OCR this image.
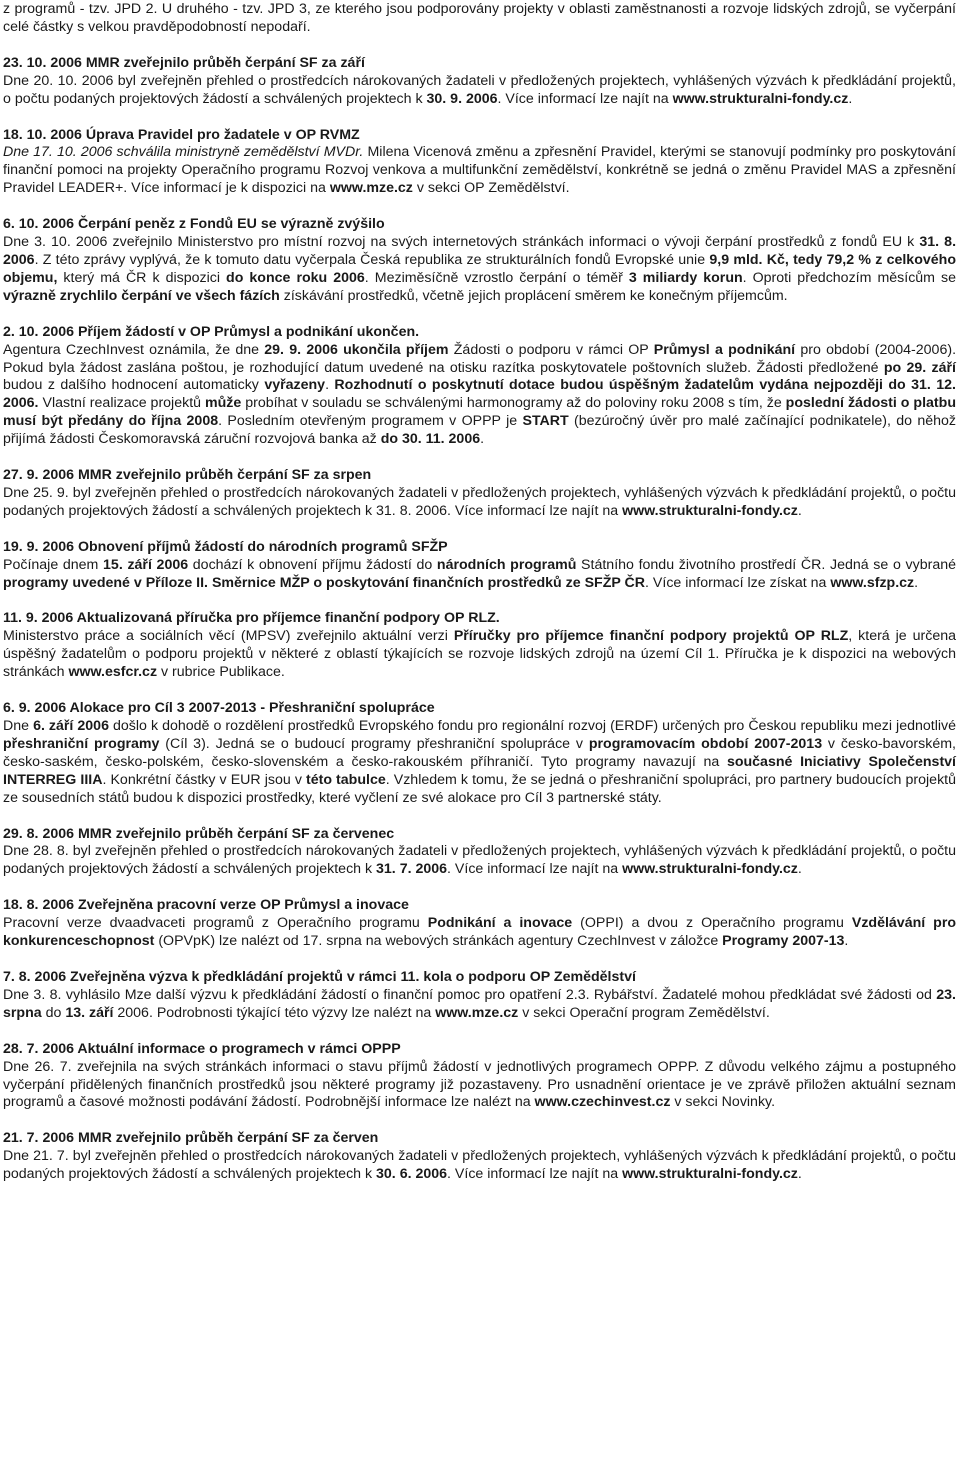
z programů - tzv. JPD 2. U druhého - tzv. JPD 3, ze kterého jsou podporovány projekty v oblasti zaměstnanosti a rozvoje lidských zdrojů, se vyčerpání celé částky s velkou pravděpodobností nepodaří.

23. 10. 2006 MMR zveřejnilo průběh čerpání SF za září

Dne 20. 10. 2006 byl zveřejněn přehled o prostředcích nárokovaných žadateli v předložených projektech, vyhlášených výzvách k předkládání projektů, o počtu podaných projektových žádostí a schválených projektech k 30. 9. 2006. Více informací lze najít na www.strukturalni-fondy.cz.

18. 10. 2006 Úprava Pravidel pro žadatele v OP RVMZ

Dne 17. 10. 2006 schválila ministryně zemědělství MVDr. Milena Vicenová změnu a zpřesnění Pravidel, kterými se stanovují podmínky pro poskytování finanční pomoci na projekty Operačního programu Rozvoj venkova a multifunkční zemědělství, konkrétně se jedná o změnu Pravidel MAS a zpřesnění Pravidel LEADER+. Více informací je k dispozici na www.mze.cz v sekci OP Zemědělství.

6. 10. 2006 Čerpání peněz z Fondů EU se výrazně zvýšilo

Dne 3. 10. 2006 zveřejnilo Ministerstvo pro místní rozvoj na svých internetových stránkách informaci o vývoji čerpání prostředků z fondů EU k 31. 8. 2006. Z této zprávy vyplývá, že k tomuto datu vyčerpala Česká republika ze strukturálních fondů Evropské unie 9,9 mld. Kč, tedy 79,2 % z celkového objemu, který má ČR k dispozici do konce roku 2006. Meziměsíčně vzrostlo čerpání o téměř 3 miliardy korun. Oproti předchozím měsícům se výrazně zrychlilo čerpání ve všech fázích získávání prostředků, včetně jejich proplácení směrem ke konečným příjemcům.

2. 10. 2006 Příjem žádostí v OP Průmysl a podnikání ukončen.

Agentura CzechInvest oznámila, že dne 29. 9. 2006 ukončila příjem Žádosti o podporu v rámci OP Průmysl a podnikání pro období (2004-2006). Pokud byla žádost zaslána poštou, je rozhodující datum uvedené na otisku razítka poskytovatele poštovních služeb. Žádosti předložené po 29. září budou z dalšího hodnocení automaticky vyřazeny. Rozhodnutí o poskytnutí dotace budou úspěšným žadatelům vydána nejpozději do 31. 12. 2006. Vlastní realizace projektů může probíhat v souladu se schválenými harmonogramy až do poloviny roku 2008 s tím, že poslední žádosti o platbu musí být předány do října 2008. Posledním otevřeným programem v OPPP je START (bezúročný úvěr pro malé začínající podnikatele), do něhož přijímá žádosti Českomoravská záruční rozvojová banka až do 30. 11. 2006.

27. 9. 2006 MMR zveřejnilo průběh čerpání SF za srpen

Dne 25. 9. byl zveřejněn přehled o prostředcích nárokovaných žadateli v předložených projektech, vyhlášených výzvách k předkládání projektů, o počtu podaných projektových žádostí a schválených projektech k 31. 8. 2006. Více informací lze najít na www.strukturalni-fondy.cz.

19. 9. 2006 Obnovení příjmů žádostí do národních programů SFŽP

Počínaje dnem 15. září 2006 dochází k obnovení příjmu žádostí do národních programů Státního fondu životního prostředí ČR. Jedná se o vybrané programy uvedené v Příloze II. Směrnice MŽP o poskytování finančních prostředků ze SFŽP ČR. Více informací lze získat na www.sfzp.cz.

11. 9. 2006 Aktualizovaná příručka pro příjemce finanční podpory OP RLZ.

Ministerstvo práce a sociálních věcí (MPSV) zveřejnilo aktuální verzi Příručky pro příjemce finanční podpory projektů OP RLZ, která je určena úspěšný žadatelům o podporu projektů v některé z oblastí týkajících se rozvoje lidských zdrojů na území Cíl 1. Příručka je k dispozici na webových stránkách www.esfcr.cz v rubrice Publikace.

6. 9. 2006 Alokace pro Cíl 3 2007-2013 - Přeshraniční spolupráce

Dne 6. září 2006 došlo k dohodě o rozdělení prostředků Evropského fondu pro regionální rozvoj (ERDF) určených pro Českou republiku mezi jednotlivé přeshraniční programy (Cíl 3). Jedná se o budoucí programy přeshraniční spolupráce v programovacím období 2007-2013 v česko-bavorském, česko-saském, česko-polském, česko-slovenském a česko-rakouském příhraničí. Tyto programy navazují na současné Iniciativy Společenství INTERREG IIIA. Konkrétní částky v EUR jsou v této tabulce. Vzhledem k tomu, že se jedná o přeshraniční spolupráci, pro partnery budoucích projektů ze sousedních států budou k dispozici prostředky, které vyčlení ze své alokace pro Cíl 3 partnerské státy.

29. 8. 2006 MMR zveřejnilo průběh čerpání SF za červenec

Dne 28. 8. byl zveřejněn přehled o prostředcích nárokovaných žadateli v předložených projektech, vyhlášených výzvách k předkládání projektů, o počtu podaných projektových žádostí a schválených projektech k 31. 7. 2006. Více informací lze najít na www.strukturalni-fondy.cz.

18. 8. 2006 Zveřejněna pracovní verze OP Průmysl a inovace

Pracovní verze dvaadvaceti programů z Operačního programu Podnikání a inovace (OPPI) a dvou z Operačního programu Vzdělávání pro konkurenceschopnost (OPVpK) lze nalézt od 17. srpna na webových stránkách agentury CzechInvest v záložce Programy 2007-13.

7. 8. 2006 Zveřejněna výzva k předkládání projektů v rámci 11. kola o podporu OP Zemědělství

Dne 3. 8. vyhlásilo Mze další výzvu k předkládání žádostí o finanční pomoc pro opatření 2.3. Rybářství. Žadatelé mohou předkládat své žádosti od 23. srpna do 13. září 2006. Podrobnosti týkající této výzvy lze nalézt na www.mze.cz v sekci Operační program Zemědělství.

28. 7. 2006 Aktuální informace o programech v rámci OPPP

Dne 26. 7. zveřejnila na svých stránkách informaci o stavu příjmů žádostí v jednotlivých programech OPPP. Z důvodu velkého zájmu a postupného vyčerpání přidělených finančních prostředků jsou některé programy již pozastaveny. Pro usnadnění orientace je ve zprávě přiložen aktuální seznam programů a časové možnosti podávání žádostí. Podrobnější informace lze nalézt na www.czechinvest.cz v sekci Novinky.

21. 7. 2006 MMR zveřejnilo průběh čerpání SF za červen

Dne 21. 7. byl zveřejněn přehled o prostředcích nárokovaných žadateli v předložených projektech, vyhlášených výzvách k předkládání projektů, o počtu podaných projektových žádostí a schválených projektech k 30. 6. 2006. Více informací lze najít na www.strukturalni-fondy.cz.
